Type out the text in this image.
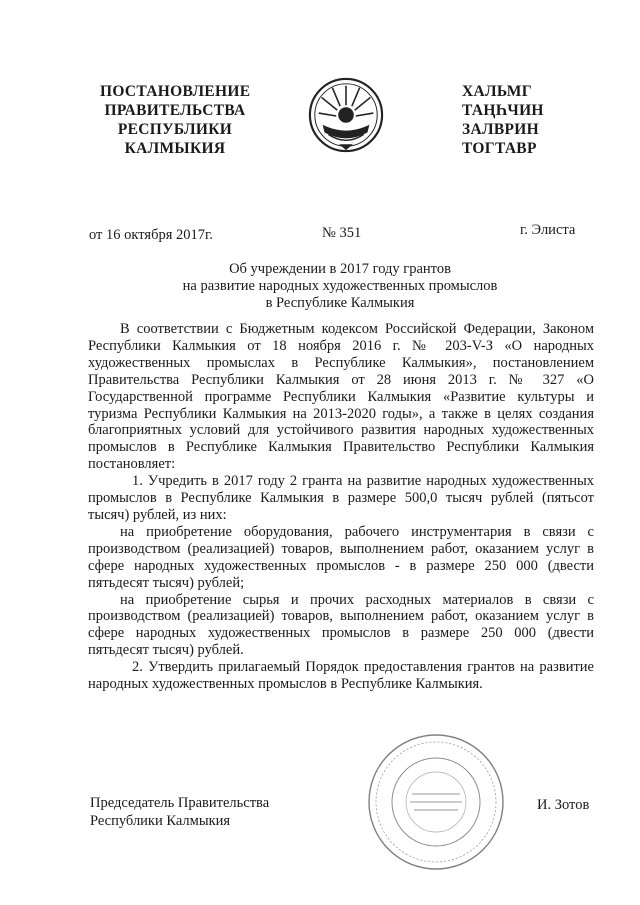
ПОСТАНОВЛЕНИЕ
ПРАВИТЕЛЬСТВА
РЕСПУБЛИКИ
КАЛМЫКИЯ
ХАЛЬМГ
ТАҢҺЧИН
ЗАЛВРИН
ТОГТАВР
от 16 октября 2017г.	№ 351	г. Элиста
Об учреждении в 2017 году грантов
на развитие народных художественных промыслов
в Республике Калмыкия

В соответствии с Бюджетным кодексом Российской Федерации, Законом Республики Калмыкия от 18 ноября 2016 г. № 203-V-З «О народных художественных промыслах в Республике Калмыкия», постановлением Правительства Республики Калмыкия от 28 июня 2013 г. № 327 «О Государственной программе Республики Калмыкия «Развитие культуры и туризма Республики Калмыкия на 2013-2020 годы», а также в целях создания благоприятных условий для устойчивого развития народных художественных промыслов в Республике Калмыкия Правительство Республики Калмыкия постановляет:

1. Учредить в 2017 году 2 гранта на развитие народных художественных промыслов в Республике Калмыкия в размере 500,0 тысяч рублей (пятьсот тысяч) рублей, из них:

на приобретение оборудования, рабочего инструментария в связи с производством (реализацией) товаров, выполнением работ, оказанием услуг в сфере народных художественных промыслов - в размере 250 000 (двести пятьдесят тысяч) рублей;

на приобретение сырья и прочих расходных материалов в связи с производством (реализацией) товаров, выполнением работ, оказанием услуг в сфере народных художественных промыслов в размере 250 000 (двести пятьдесят тысяч) рублей.

2. Утвердить прилагаемый Порядок предоставления грантов на развитие народных художественных промыслов в Республике Калмыкия.

Председатель Правительства
Республики Калмыкия
И. Зотов
